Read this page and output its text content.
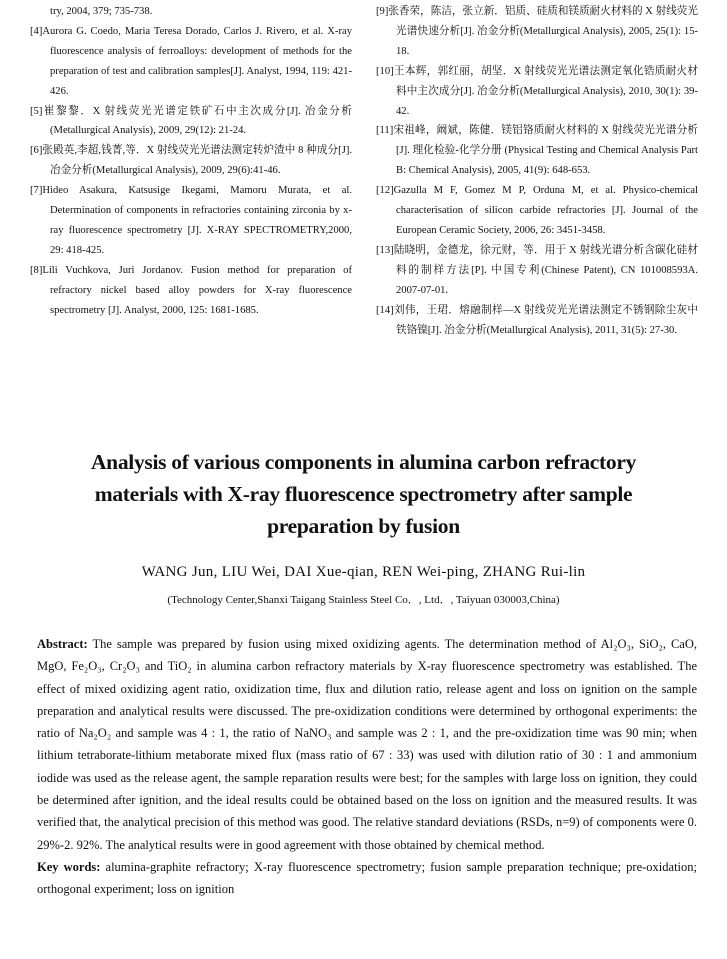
try, 2004, 379; 735-738.
[4]Aurora G. Coedo, Maria Teresa Dorado, Carlos J. Rivero, et al. X-ray fluorescence analysis of ferroalloys: development of methods for the preparation of test and calibration samples[J]. Analyst, 1994, 119: 421-426.
[5]崔黎黎．X 射线荧光光谱定铁矿石中主次成分[J]. 冶金分析(Metallurgical Analysis), 2009, 29(12): 21-24.
[6]张殿英,李超,钱菁,等．X 射线荧光光谱法测定转炉渣中 8 种成分[J]. 冶金分析(Metallurgical Analysis), 2009, 29(6):41-46.
[7]Hideo Asakura, Katsusige Ikegami, Mamoru Murata, et al. Determination of components in refractories containing zirconia by x-ray fluorescence spectrometry [J]. X-RAY SPECTROMETRY,2000, 29: 418-425.
[8]Lili Vuchkova, Juri Jordanov. Fusion method for preparation of refractory nickel based alloy powders for X-ray fluorescence spectrometry [J]. Analyst, 2000, 125: 1681-1685.
[9]张香荣，陈洁，张立新．铝质、硅质和镁质耐火材料的 X 射线荧光光谱快速分析[J]. 冶金分析(Metallurgical Analysis), 2005, 25(1): 15-18.
[10]王本辉，郭红丽，胡坚．X 射线荧光光谱法测定氧化锆质耐火材料中主次成分[J]. 冶金分析(Metallurgical Analysis), 2010, 30(1): 39-42.
[11]宋祖峰，阚斌，陈健．镁铝铬质耐火材料的 X 射线荧光光谱分析[J]. 理化检验-化学分册 (Physical Testing and Chemical Analysis Part B: Chemical Analysis), 2005, 41(9): 648-653.
[12]Gazulla M F, Gomez M P, Orduna M, et al. Physico-chemical characterisation of silicon carbide refractories [J]. Journal of the European Ceramic Society, 2006, 26: 3451-3458.
[13]陆晓明，金德龙，徐元财，等．用于 X 射线光谱分析含碳化硅材料的制样方法[P]. 中国专利(Chinese Patent), CN 101008593A. 2007-07-01.
[14]刘伟，王珺．熔融制样—X 射线荧光光谱法测定不锈钢除尘灰中铁铬镍[J]. 冶金分析(Metallurgical Analysis), 2011, 31(5): 27-30.
Analysis of various components in alumina carbon refractory materials with X-ray fluorescence spectrometry after sample preparation by fusion
WANG Jun, LIU Wei, DAI Xue-qian, REN Wei-ping, ZHANG Rui-lin
(Technology Center,Shanxi Taigang Stainless Steel Co．, Ltd．, Taiyuan 030003,China)

Abstract: The sample was prepared by fusion using mixed oxidizing agents. The determination method of Al₂O₃, SiO₂, CaO, MgO, Fe₂O₃, Cr₂O₃ and TiO₂ in alumina carbon refractory materials by X-ray fluorescence spectrometry was established. The effect of mixed oxidizing agent ratio, oxidization time, flux and dilution ratio, release agent and loss on ignition on the sample preparation and analytical results were discussed. The pre-oxidization conditions were determined by orthogonal experiments: the ratio of Na₂O₂ and sample was 4 : 1, the ratio of NaNO₃ and sample was 2 : 1, and the pre-oxidization time was 90 min; when lithium tetraborate-lithium metaborate mixed flux (mass ratio of 67 : 33) was used with dilution ratio of 30 : 1 and ammonium iodide was used as the release agent, the sample reparation results were best; for the samples with large loss on ignition, they could be determined after ignition, and the ideal results could be obtained based on the loss on ignition and the measured results. It was verified that, the analytical precision of this method was good. The relative standard deviations (RSDs, n=9) of components were 0. 29%-2. 92%. The analytical results were in good agreement with those obtained by chemical method.

Key words: alumina-graphite refractory; X-ray fluorescence spectrometry; fusion sample preparation technique; pre-oxidation; orthogonal experiment; loss on ignition
